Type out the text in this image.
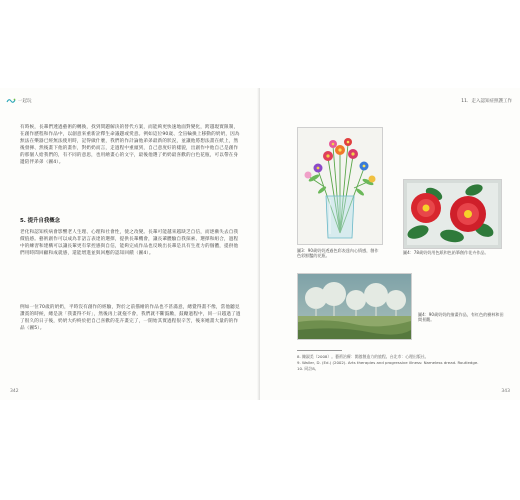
一起玩
有時候，長輩們透過藝術的轉換，找到問題解決的替代方案，而能夠更快速地面對變化，跨越現實限制，在創作歷程和作品中，以創意來重新詮釋生命議題或愛意。例如這位90歲、全盲輪換上移動的奶奶，因為無法在樂器已經無法使用時，記得做什麼，我們的作計論他弟弟最新的狀況，並讓他將想法畫在紙上，然後發揮、然後畫下他的畫作，對奶奶而言，走過程中重頭到，自己意度好的樣貌，出創作中他自己是創作的那個人給我們的，有不同的意思，也用繪畫心的文字，最後他選了奶奶最喜歡的白色花瓶，可以帶在身邊陪伴弟弟（圖4）。
5. 提升自我概念
老化和認知疾病會影響老人生理、心理和社會性，使之改變。長輩可能越來越缺乏自信，而逐漸失去自我價值感。藝術創作可以成為非語言表達的選擇，提供長輩機會，讓長輩體驗自我探索、選擇和組合，過程中的練習和建構可以讓長輩更有掌控感與自信，能夠完成作品也反映出長輩是具有生產力的個體，提供他們用時間回顧和成就感，還能增進並與回應的認知回饋（圖4）。
例如一位70歲的奶奶，平時沒有創作的經驗，對於之前描繪的作品也不甚滿意，總覺得畫不像，當他聽見讚賞的時候，總是說「我畫得不好」，然後再上就拖不會，我們就不斷鼓勵，鼓勵過程中，同一日越過了過了很久的日子後，奶奶大約終於把自己喜歡的花卉畫完了，一開始其實過程很辛苦，後來她畫大量的的作品（圖5）。
342
11．走入認知症照護工作
圖3：90歲奶奶透過色彩表達內心情感，創作色彩鮮豔的花瓶。
圖4：78歲奶奶用色紙和色鉛筆創作花卉作品。
圖4：90歲奶奶的繪畫作品，有紅色的樹林和田間景觀。
8. 陳淑美（2008）。藝術治療：開啟創造力的旅程。台北市：心理出版社。
9. Waller, D. (Ed.) (2002). Arts therapies and progressive illness: Nameless dread. Routledge.
10. 同註8。
343
